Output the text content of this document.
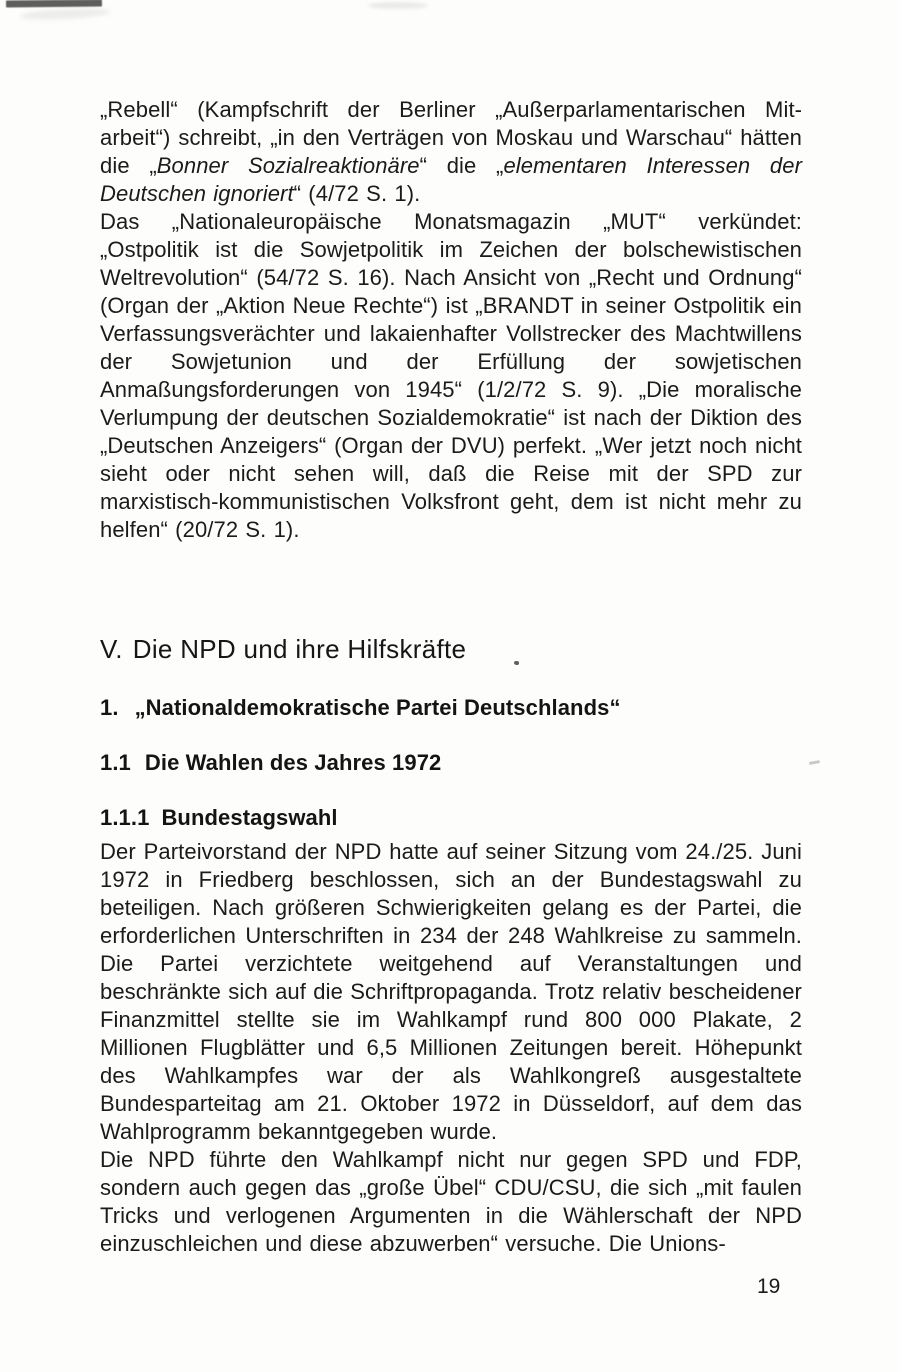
„Rebell“ (Kampfschrift der Berliner „Außerparlamentarischen Mitarbeit“) schreibt, „in den Verträgen von Moskau und Warschau“ hätten die „Bonner Sozialreaktionäre“ die „elementaren Interessen der Deutschen ignoriert“ (4/72 S. 1).

Das „Nationaleuropäische Monatsmagazin „MUT“ verkündet: „Ostpolitik ist die Sowjetpolitik im Zeichen der bolschewistischen Weltrevolution“ (54/72 S. 16). Nach Ansicht von „Recht und Ordnung“ (Organ der „Aktion Neue Rechte“) ist „BRANDT in seiner Ostpolitik ein Verfassungsverächter und lakaienhafter Vollstrecker des Machtwillens der Sowjetunion und der Erfüllung der sowjetischen Anmaßungsforderungen von 1945“ (1/2/72 S. 9). „Die moralische Verlumpung der deutschen Sozialdemokratie“ ist nach der Diktion des „Deutschen Anzeigers“ (Organ der DVU) perfekt. „Wer jetzt noch nicht sieht oder nicht sehen will, daß die Reise mit der SPD zur marxistisch-kommunistischen Volksfront geht, dem ist nicht mehr zu helfen“ (20/72 S. 1).

V. Die NPD und ihre Hilfskräfte
1. „Nationaldemokratische Partei Deutschlands“
1.1 Die Wahlen des Jahres 1972
1.1.1 Bundestagswahl

Der Parteivorstand der NPD hatte auf seiner Sitzung vom 24./25. Juni 1972 in Friedberg beschlossen, sich an der Bundestagswahl zu beteiligen. Nach größeren Schwierigkeiten gelang es der Partei, die erforderlichen Unterschriften in 234 der 248 Wahlkreise zu sammeln. Die Partei verzichtete weitgehend auf Veranstaltungen und beschränkte sich auf die Schriftpropaganda. Trotz relativ bescheidener Finanzmittel stellte sie im Wahlkampf rund 800 000 Plakate, 2 Millionen Flugblätter und 6,5 Millionen Zeitungen bereit. Höhepunkt des Wahlkampfes war der als Wahlkongreß ausgestaltete Bundesparteitag am 21. Oktober 1972 in Düsseldorf, auf dem das Wahlprogramm bekanntgegeben wurde.

Die NPD führte den Wahlkampf nicht nur gegen SPD und FDP, sondern auch gegen das „große Übel“ CDU/CSU, die sich „mit faulen Tricks und verlogenen Argumenten in die Wählerschaft der NPD einzuschleichen und diese abzuwerben“ versuche. Die Unions-

19
